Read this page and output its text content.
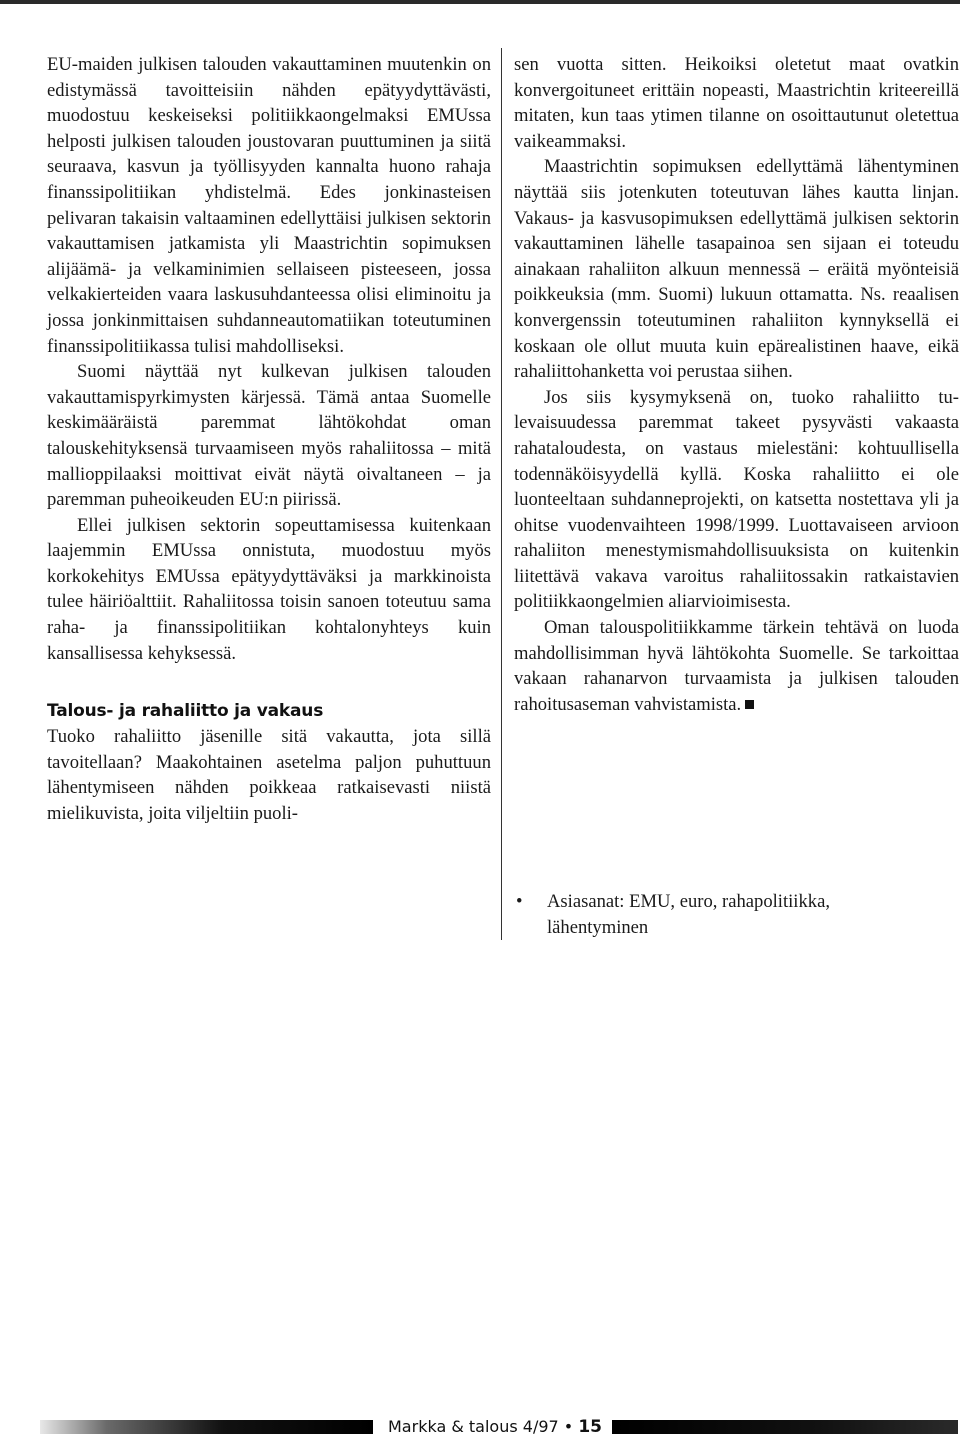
EU-maiden julkisen talouden vakauttaminen muutenkin on edistymässä tavoitteisiin nähden epätyydyttävästi, muodostuu keskeiseksi politiikkaongelmaksi EMUssa helposti julkisen talouden joustovaran puuttuminen ja siitä seuraava, kasvun ja työllisyyden kannalta huono rahaja finanssipolitiikan yhdistelmä. Edes jonkinasteisen pelivaran takaisin valtaaminen edellyttäisi julkisen sektorin vakauttamisen jatkamista yli Maastrichtin sopimuksen alijäämä- ja velkaminimien sellaiseen pisteeseen, jossa velkakierteiden vaara laskusuhdanteessa olisi eliminoitu ja jossa jonkinmittaisen suhdanneautomatiikan toteutuminen finanssipolitiikassa tulisi mahdolliseksi.

Suomi näyttää nyt kulkevan julkisen talouden vakauttamispyrkimysten kärjessä. Tämä antaa Suomelle keskimääräistä paremmat lähtökohdat oman talouskehityksensä turvaamiseen myös rahaliitossa – mitä mallioppilaaksi moittivat eivät näytä oivaltaneen – ja paremman puheoikeuden EU:n piirissä.

Ellei julkisen sektorin sopeuttamisessa kuitenkaan laajemmin EMUssa onnistuta, muodostuu myös korkokehitys EMUssa epätyydyttäväksi ja markkinoista tulee häiriöalttiit. Rahaliitossa toisin sanoen toteutuu sama raha- ja finanssipolitiikan kohtalonyhteys kuin kansallisessa kehyksessä.

Talous- ja rahaliitto ja vakaus

Tuoko rahaliitto jäsenille sitä vakautta, jota sillä tavoitellaan? Maakohtainen asetelma paljon puhuttuun lähentymiseen nähden poikkeaa ratkaisevasti niistä mielikuvista, joita viljeltiin puoli-

sen vuotta sitten. Heikoiksi oletetut maat ovatkin konvergoituneet erittäin nopeasti, Maastrichtin kriteereillä mitaten, kun taas ytimen tilanne on osoittautunut oletettua vaikeammaksi.

Maastrichtin sopimuksen edellyttämä lähentyminen näyttää siis jotenkuten toteutuvan lähes kautta linjan. Vakaus- ja kasvusopimuksen edellyttämä julkisen sektorin vakauttaminen lähelle tasapainoa sen sijaan ei toteudu ainakaan rahaliiton alkuun mennessä – eräitä myönteisiä poikkeuksia (mm. Suomi) lukuun ottamatta. Ns. reaalisen konvergenssin toteutuminen rahaliiton kynnyksellä ei koskaan ole ollut muuta kuin epärealistinen haave, eikä rahaliittohanketta voi perustaa siihen.

Jos siis kysymyksenä on, tuoko rahaliitto tulevaisuudessa paremmat takeet pysyvästi vakaasta rahataloudesta, on vastaus mielestäni: kohtuullisella todennäköisyydellä kyllä. Koska rahaliitto ei ole luonteeltaan suhdanneprojekti, on katsetta nostettava yli ja ohitse vuodenvaihteen 1998/1999. Luottavaiseen arvioon rahaliiton menestymismahdollisuuksista on kuitenkin liitettävä vakava varoitus rahaliitossakin ratkaistavien politiikkaongelmien aliarvioimisesta.

Oman talouspolitiikkamme tärkein tehtävä on luoda mahdollisimman hyvä lähtökohta Suomelle. Se tarkoittaa vakaan rahanarvon turvaamista ja julkisen talouden rahoitusaseman vahvistamista.

• Asiasanat: EMU, euro, rahapolitiikka, lähentyminen
Markka & talous 4/97 • 15
